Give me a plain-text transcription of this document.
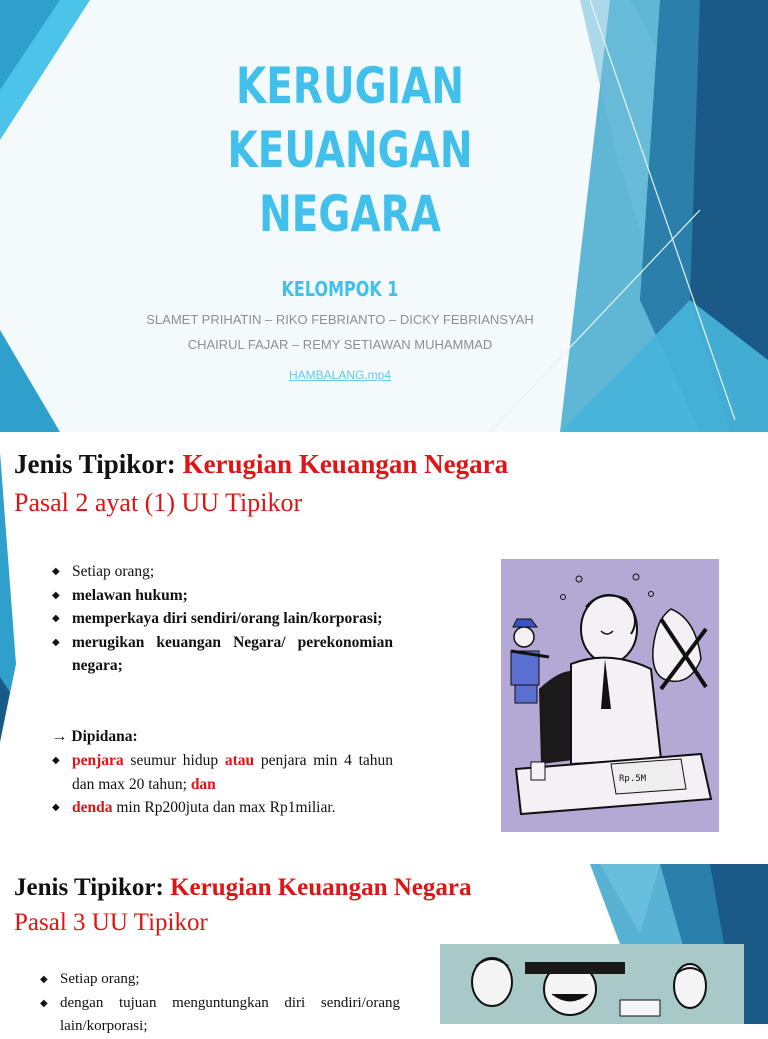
KERUGIAN KEUANGAN
NEGARA
KELOMPOK 1
SLAMET PRIHATIN – RIKO FEBRIANTO – DICKY FEBRIANSYAH
CHAIRUL FAJAR – REMY SETIAWAN MUHAMMAD
HAMBALANG.mp4
Jenis Tipikor: Kerugian Keuangan Negara
Pasal 2 ayat (1) UU Tipikor
◆ Setiap orang;
◆ melawan hukum;
◆ memperkaya diri sendiri/orang lain/korporasi;
◆ merugikan keuangan Negara/ perekonomian negara;
→ Dipidana:
◆ penjara seumur hidup atau penjara min 4 tahun dan max 20 tahun; dan
◆ denda min Rp200juta dan max Rp1miliar.
Rp.5M
Jenis Tipikor: Kerugian Keuangan Negara
Pasal 3 UU Tipikor
◆ Setiap orang;
◆ dengan tujuan menguntungkan diri sendiri/orang lain/korporasi;
